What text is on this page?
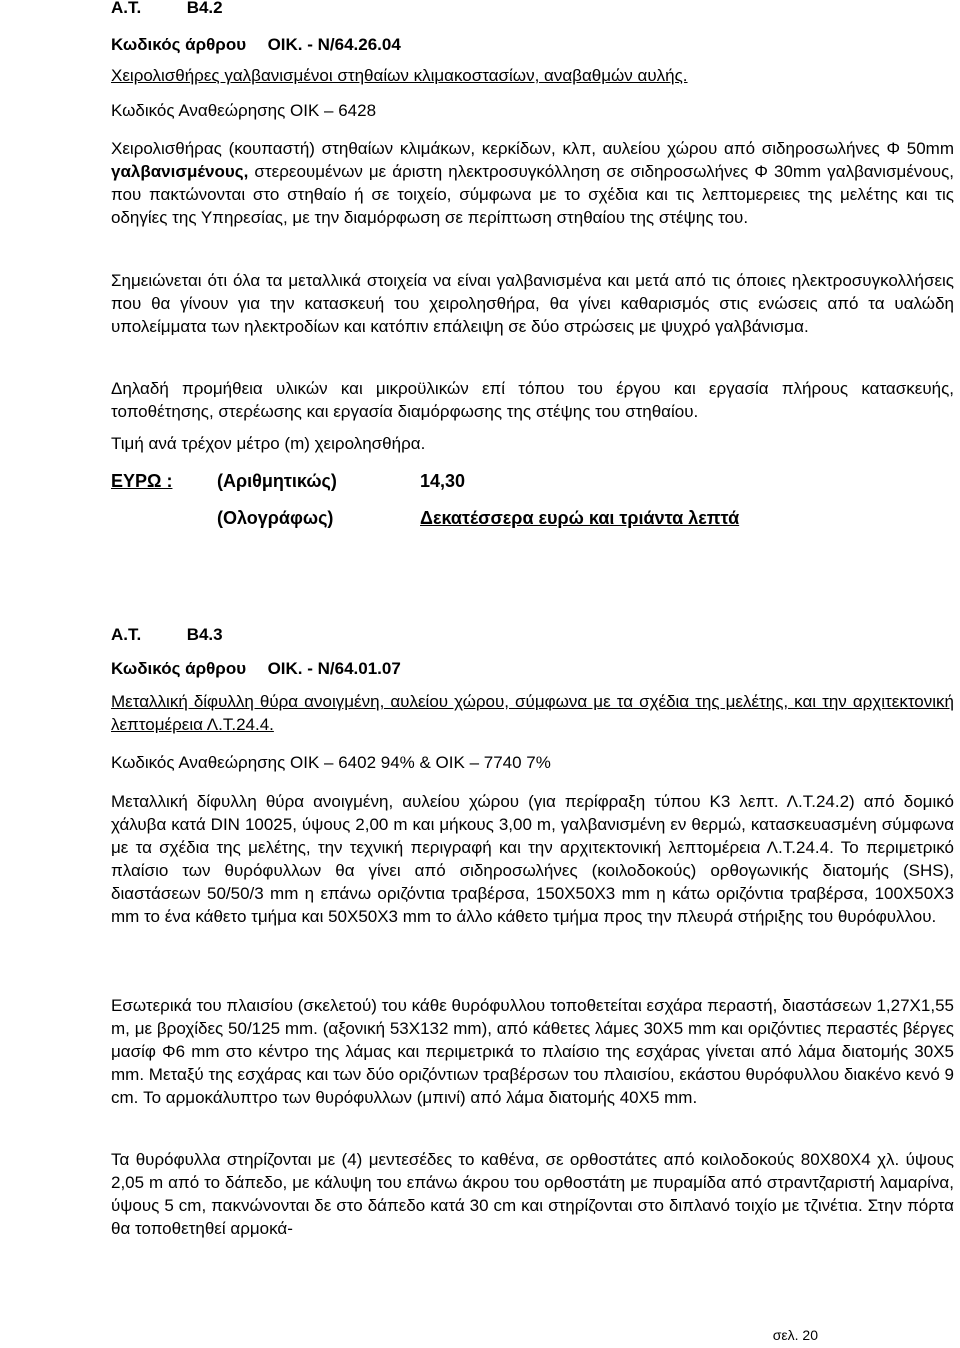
A.T.	B4.2
Κωδικός άρθρου ΟΙΚ. - Ν/64.26.04
Χειρολισθήρες γαλβανισμένοι στηθαίων κλιμακοστασίων, αναβαθμών αυλής.
Κωδικός Αναθεώρησης ΟΙΚ – 6428
Χειρολισθήρας (κουπαστή) στηθαίων κλιμάκων, κερκίδων, κλπ, αυλείου χώρου από σιδηροσωλήνες Φ 50mm γαλβανισμένους, στερεουμένων με άριστη ηλεκτροσυγκόλληση σε σιδηροσωλήνες Φ 30mm γαλβανισμένους, που πακτώνονται στο στηθαίο ή σε τοιχείο, σύμφωνα με το σχέδια και τις λεπτομερειες της μελέτης και τις οδηγίες της Υπηρεσίας, με την διαμόρφωση σε περίπτωση στηθαίου της στέψης του.
Σημειώνεται ότι όλα τα μεταλλικά στοιχεία να είναι γαλβανισμένα και μετά από τις όποιες ηλεκτροσυγκολλήσεις που θα γίνουν για την κατασκευή του χειρολησθήρα, θα γίνει καθαρισμός στις ενώσεις από τα υαλώδη υπολείμματα των ηλεκτροδίων και κατόπιν επάλειψη σε δύο στρώσεις με ψυχρό γαλβάνισμα.
Δηλαδή προμήθεια υλικών και μικροϋλικών επί τόπου του έργου και εργασία πλήρους κατασκευής, τοποθέτησης, στερέωσης και εργασία διαμόρφωσης της στέψης του στηθαίου.
Τιμή ανά τρέχον μέτρο (m) χειρολησθήρα.
ΕΥΡΩ : (Αριθμητικώς)	14,30
(Ολογράφως)	Δεκατέσσερα ευρώ και τριάντα λεπτά
A.T.	B4.3
Κωδικός άρθρου ΟΙΚ. - Ν/64.01.07
Μεταλλική δίφυλλη θύρα ανοιγμένη, αυλείου χώρου, σύμφωνα με τα σχέδια της μελέτης, και την αρχιτεκτονική λεπτομέρεια Λ.Τ.24.4.
Κωδικός Αναθεώρησης ΟΙΚ – 6402 94% & ΟΙΚ – 7740 7%
Μεταλλική δίφυλλη θύρα ανοιγμένη, αυλείου χώρου (για περίφραξη τύπου Κ3 λεπτ. Λ.Τ.24.2) από δομικό χάλυβα κατά DIN 10025, ύψους 2,00 m και μήκους 3,00 m, γαλβανισμένη εν θερμώ, κατασκευασμένη σύμφωνα με τα σχέδια της μελέτης, την τεχνική περιγραφή και την αρχιτεκτονική λεπτομέρεια Λ.Τ.24.4. Το περιμετρικό πλαίσιο των θυρόφυλλων θα γίνει από σιδηροσωλήνες (κοιλοδοκούς) ορθογωνικής διατομής (SHS), διαστάσεων 50/50/3 mm η επάνω οριζόντια τραβέρσα, 150Χ50Χ3 mm η κάτω οριζόντια τραβέρσα, 100Χ50Χ3 mm το ένα κάθετο τμήμα και 50Χ50Χ3 mm το άλλο κάθετο τμήμα προς την πλευρά στήριξης του θυρόφυλλου.
Εσωτερικά του πλαισίου (σκελετού) του κάθε θυρόφυλλου τοποθετείται εσχάρα περαστή, διαστάσεων 1,27Χ1,55 m, με βροχίδες 50/125 mm. (αξονική 53Χ132 mm), από κάθετες λάμες 30Χ5 mm και οριζόντιες περαστές βέργες μασίφ Φ6 mm στο κέντρο της λάμας και περιμετρικά το πλαίσιο της εσχάρας γίνεται από λάμα διατομής 30Χ5 mm. Μεταξύ της εσχάρας και των δύο οριζόντιων τραβέρσων του πλαισίου, εκάστου θυρόφυλλου διακένο κενό 9 cm. Το αρμοκάλυπτρο των θυρόφυλλων (μπινί) από λάμα διατομής 40Χ5 mm.
Τα θυρόφυλλα στηρίζονται με (4) μεντεσέδες το καθένα, σε ορθοστάτες από κοιλοδοκούς 80Χ80Χ4 χλ. ύψους 2,05 m από το δάπεδο, με κάλυψη του επάνω άκρου του ορθοστάτη με πυραμίδα από στραντζαριστή λαμαρίνα, ύψους 5 cm, πακνώνονται δε στο δάπεδο κατά 30 cm και στηρίζονται στο διπλανό τοιχίο με τζινέτια. Στην πόρτα θα τοποθετηθεί αρμοκά-
σελ. 20
